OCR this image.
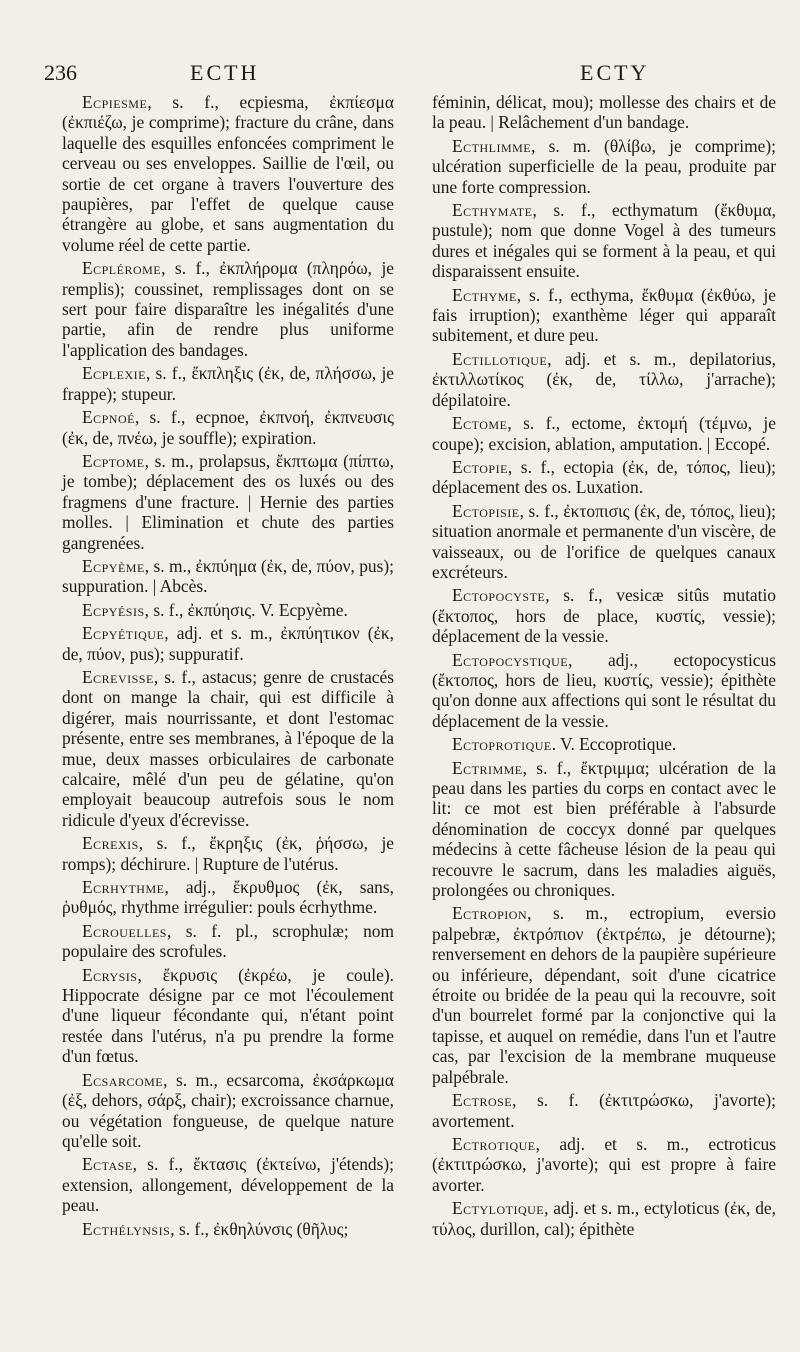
236	ECTH	ECTY

Ecpiesme, s. f., ecpiesma, ἐκπίεσμα (ἐκπιέζω, je comprime); fracture du crâne, dans laquelle des esquilles enfoncées compriment le cerveau ou ses enveloppes. Saillie de l'œil, ou sortie de cet organe à travers l'ouverture des paupières, par l'effet de quelque cause étrangère au globe, et sans augmentation du volume réel de cette partie.

Ecplérome, s. f., ἐκπλήρομα (πληρόω, je remplis); coussinet, remplissages dont on se sert pour faire disparaître les inégalités d'une partie, afin de rendre plus uniforme l'application des bandages.

Ecplexie, s. f., ἔκπληξις (ἐκ, de, πλήσσω, je frappe); stupeur.

Ecpnoé, s. f., ecpnoe, ἐκπνοή, ἐκπνευσις (ἐκ, de, πνέω, je souffle); expiration.

Ecptome, s. m., prolapsus, ἔκπτωμα (πίπτω, je tombe); déplacement des os luxés ou des fragmens d'une fracture. | Hernie des parties molles. | Elimination et chute des parties gangrenées.

Ecpyème, s. m., ἐκπύημα (ἐκ, de, πύον, pus); suppuration. | Abcès.

Ecpyésis, s. f., ἐκπύησις. V. Ecpyème.

Ecpyétique, adj. et s. m., ἐκπύητικον (ἐκ, de, πύον, pus); suppuratif.

Ecrevisse, s. f., astacus; genre de crustacés dont on mange la chair, qui est difficile à digérer, mais nourrissante, et dont l'estomac présente, entre ses membranes, à l'époque de la mue, deux masses orbiculaires de carbonate calcaire, mêlé d'un peu de gélatine, qu'on employait beaucoup autrefois sous le nom ridicule d'yeux d'écrevisse.

Ecrexis, s. f., ἔκρηξις (ἐκ, ῥήσσω, je romps); déchirure. | Rupture de l'utérus.

Ecrhythme, adj., ἔκρυθμος (ἐκ, sans, ῥυθμός, rhythme irrégulier: pouls écrhythme.

Ecrouelles, s. f. pl., scrophulæ; nom populaire des scrofules.

Ecrysis, ἔκρυσις (ἐκρέω, je coule). Hippocrate désigne par ce mot l'écoulement d'une liqueur fécondante qui, n'étant point restée dans l'utérus, n'a pu prendre la forme d'un fœtus.

Ecsarcome, s. m., ecsarcoma, ἐκσάρκωμα (ἐξ, dehors, σάρξ, chair); excroissance charnue, ou végétation fongueuse, de quelque nature qu'elle soit.

Ectase, s. f., ἔκτασις (ἐκτείνω, j'étends); extension, allongement, développement de la peau.

Ecthélynsis, s. f., ἐκθηλύνσις (θῆλυς;

féminin, délicat, mou); mollesse des chairs et de la peau. | Relâchement d'un bandage.

Ecthlimme, s. m. (θλίβω, je comprime); ulcération superficielle de la peau, produite par une forte compression.

Ecthymate, s. f., ecthymatum (ἔκθυμα, pustule); nom que donne Vogel à des tumeurs dures et inégales qui se forment à la peau, et qui disparaissent ensuite.

Ecthyme, s. f., ecthyma, ἔκθυμα (ἐκθύω, je fais irruption); exanthème léger qui apparaît subitement, et dure peu.

Ectillotique, adj. et s. m., depilatorius, ἐκτιλλωτίκος (ἐκ, de, τίλλω, j'arrache); dépilatoire.

Ectome, s. f., ectome, ἐκτομή (τέμνω, je coupe); excision, ablation, amputation. | Eccopé.

Ectopie, s. f., ectopia (ἐκ, de, τόπος, lieu); déplacement des os. Luxation.

Ectopisie, s. f., ἐκτοπισις (ἐκ, de, τόπος, lieu); situation anormale et permanente d'un viscère, de vaisseaux, ou de l'orifice de quelques canaux excréteurs.

Ectopocyste, s. f., vesicæ sitûs mutatio (ἔκτοπος, hors de place, κυστίς, vessie); déplacement de la vessie.

Ectopocystique, adj., ectopocysticus (ἔκτοπος, hors de lieu, κυστίς, vessie); épithète qu'on donne aux affections qui sont le résultat du déplacement de la vessie.

Ectoprotique. V. Eccoprotique.

Ectrimme, s. f., ἔκτριμμα; ulcération de la peau dans les parties du corps en contact avec le lit: ce mot est bien préférable à l'absurde dénomination de coccyx donné par quelques médecins à cette fâcheuse lésion de la peau qui recouvre le sacrum, dans les maladies aiguës, prolongées ou chroniques.

Ectropion, s. m., ectropium, eversio palpebræ, ἐκτρόπιον (ἐκτρέπω, je détourne); renversement en dehors de la paupière supérieure ou inférieure, dépendant, soit d'une cicatrice étroite ou bridée de la peau qui la recouvre, soit d'un bourrelet formé par la conjonctive qui la tapisse, et auquel on remédie, dans l'un et l'autre cas, par l'excision de la membrane muqueuse palpébrale.

Ectrose, s. f. (ἐκτιτρώσκω, j'avorte); avortement.

Ectrotique, adj. et s. m., ectroticus (ἐκτιτρώσκω, j'avorte); qui est propre à faire avorter.

Ectylotique, adj. et s. m., ectyloticus (ἐκ, de, τύλος, durillon, cal); épithète
